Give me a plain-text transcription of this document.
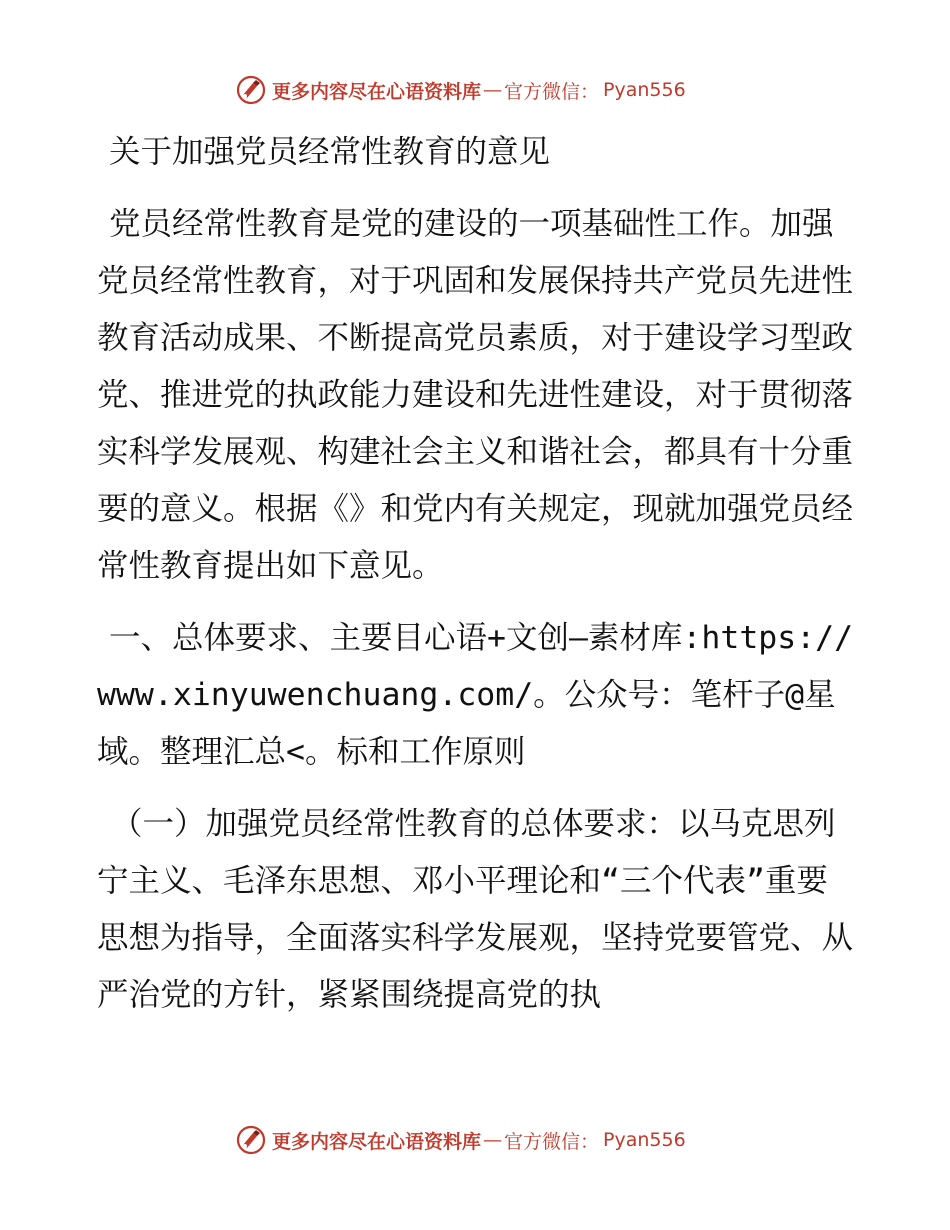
更多内容尽在心语资料库 — 官方微信： Pyan556

关于加强党员经常性教育的意见

党员经常性教育是党的建设的一项基础性工作。加强党员经常性教育，对于巩固和发展保持共产党员先进性教育活动成果、不断提高党员素质，对于建设学习型政党、推进党的执政能力建设和先进性建设，对于贯彻落实科学发展观、构建社会主义和谐社会，都具有十分重要的意义。根据《》和党内有关规定，现就加强党员经常性教育提出如下意见。

一、总体要求、主要目心语+文创—素材库:https://www.xinyuwenchuang.com/。公众号：笔杆子@星域。整理汇总<。标和工作原则

（一）加强党员经常性教育的总体要求：以马克思列宁主义、毛泽东思想、邓小平理论和“三个代表”重要思想为指导，全面落实科学发展观，坚持党要管党、从严治党的方针，紧紧围绕提高党的执

更多内容尽在心语资料库 — 官方微信： Pyan556
